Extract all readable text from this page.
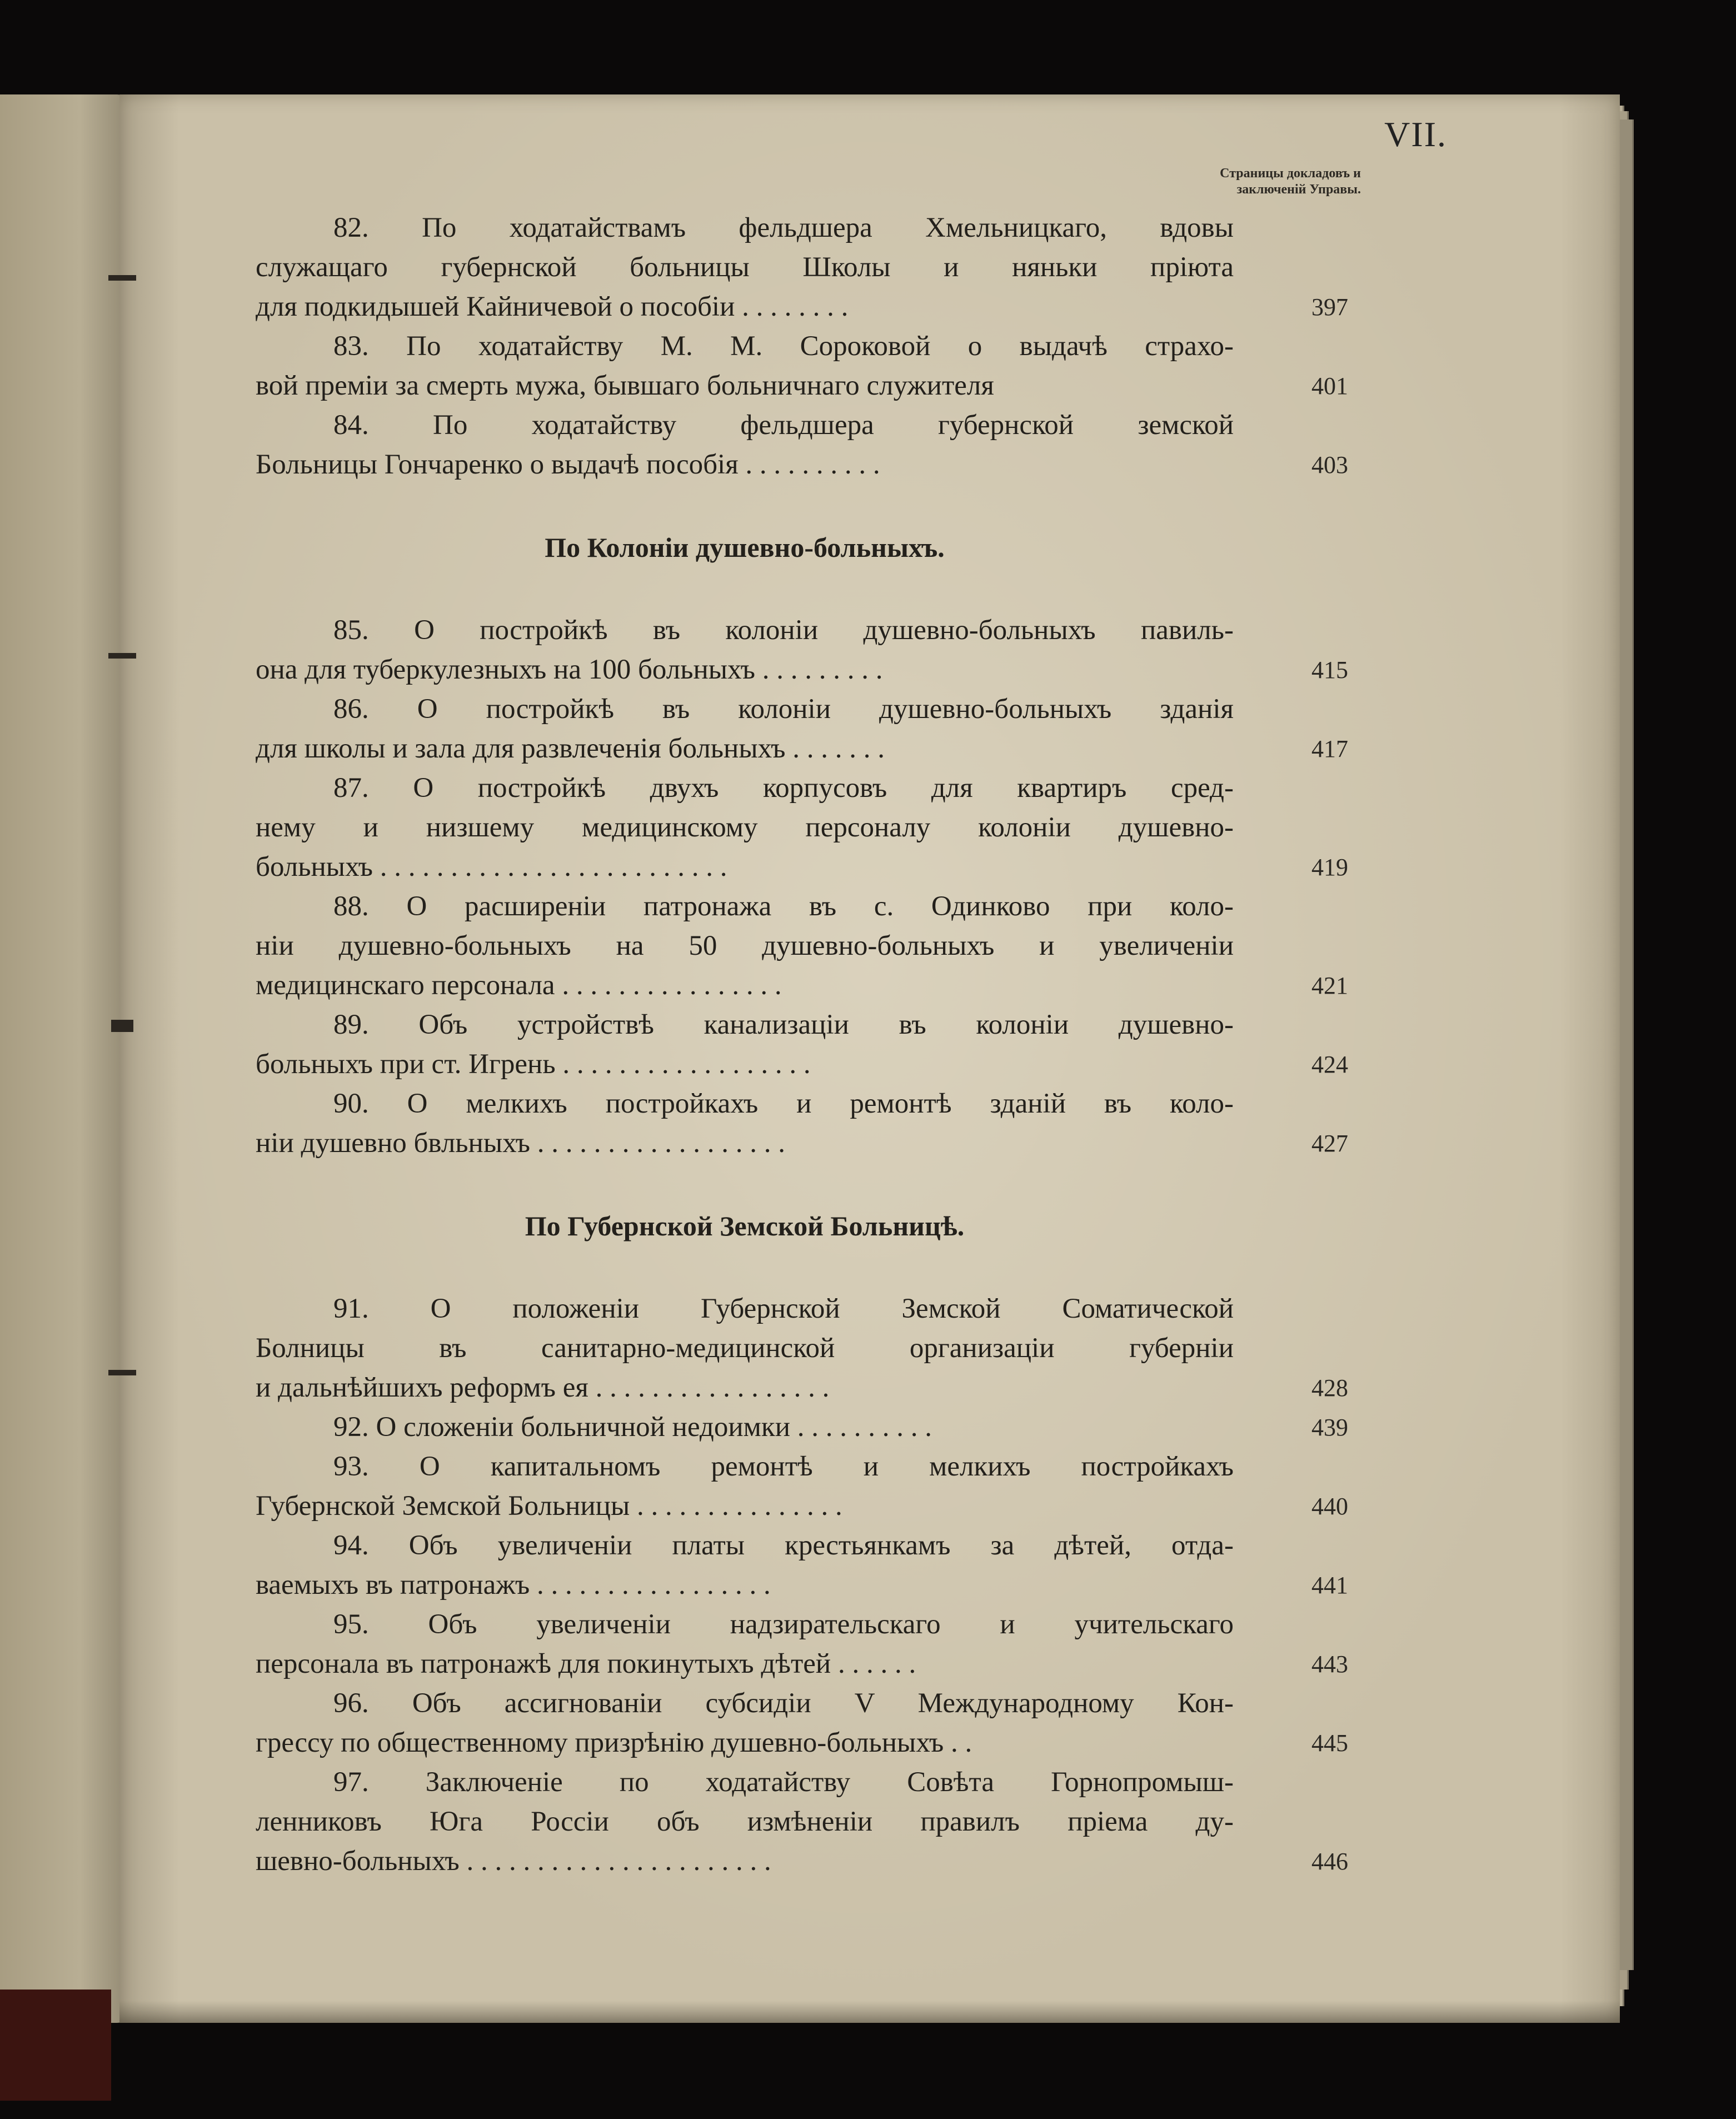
VII.
Страницы докладовъ и
заключенiй Управы.
82. По ходатайствамъ фельдшера Хмельницкаго, вдовы
служащаго губернской больницы Школы и няньки прiюта
для подкидышей Кайничевой о пособiи . . . . . . . .	397
83. По ходатайству М. М. Сороковой о выдачѣ страхо-
вой премiи за смерть мужа, бывшаго больничнаго служителя	401
84. По ходатайству фельдшера губернской земской
Больницы Гончаренко о выдачѣ пособiя . . . . . . . . . .	403
По Колонiи душевно-больныхъ.
85. О постройкѣ въ колонiи душевно-больныхъ павиль-
она для туберкулезныхъ на 100 больныхъ . . . . . . . . .	415
86. О постройкѣ въ колонiи душевно-больныхъ зданiя
для школы и зала для развлеченiя больныхъ . . . . . . .	417
87. О постройкѣ двухъ корпусовъ для квартиръ сред-
нему и низшему медицинскому персоналу колонiи душевно-
больныхъ . . . . . . . . . . . . . . . . . . . . . . . . .	419
88. О расширенiи патронажа въ с. Одинково при коло-
нiи душевно-больныхъ на 50 душевно-больныхъ и увеличенiи
медицинскаго персонала . . . . . . . . . . . . . . . .	421
89. Объ устройствѣ канализацiи въ колонiи душевно-
больныхъ при ст. Игрень . . . . . . . . . . . . . . . . . .	424
90. О мелкихъ постройкахъ и ремонтѣ зданiй въ коло-
нiи душевно бвльныхъ . . . . . . . . . . . . . . . . . .	427
По Губернской Земской Больницѣ.
91. О положенiи Губернской Земской Соматической
Болницы въ санитарно-медицинской организацiи губернiи
и дальнѣйшихъ реформъ ея . . . . . . . . . . . . . . . . .	428
92. О сложенiи больничной недоимки . . . . . . . . . .	439
93. О капитальномъ ремонтѣ и мелкихъ постройкахъ
Губернской Земской Больницы . . . . . . . . . . . . . . .	440
94. Объ увеличенiи платы крестьянкамъ за дѣтей, отда-
ваемыхъ въ патронажъ . . . . . . . . . . . . . . . . .	441
95. Объ увеличенiи надзирательскаго и учительскаго
персонала въ патронажѣ для покинутыхъ дѣтей . . . . . .	443
96. Объ ассигнованiи субсидiи V Международному Кон-
грессу по общественному призрѣнiю душевно-больныхъ . .	445
97. Заключенiе по ходатайству Совѣта Горнопромыш-
ленниковъ Юга Россiи объ измѣненiи правилъ прiема ду-
шевно-больныхъ . . . . . . . . . . . . . . . . . . . . . .	446
